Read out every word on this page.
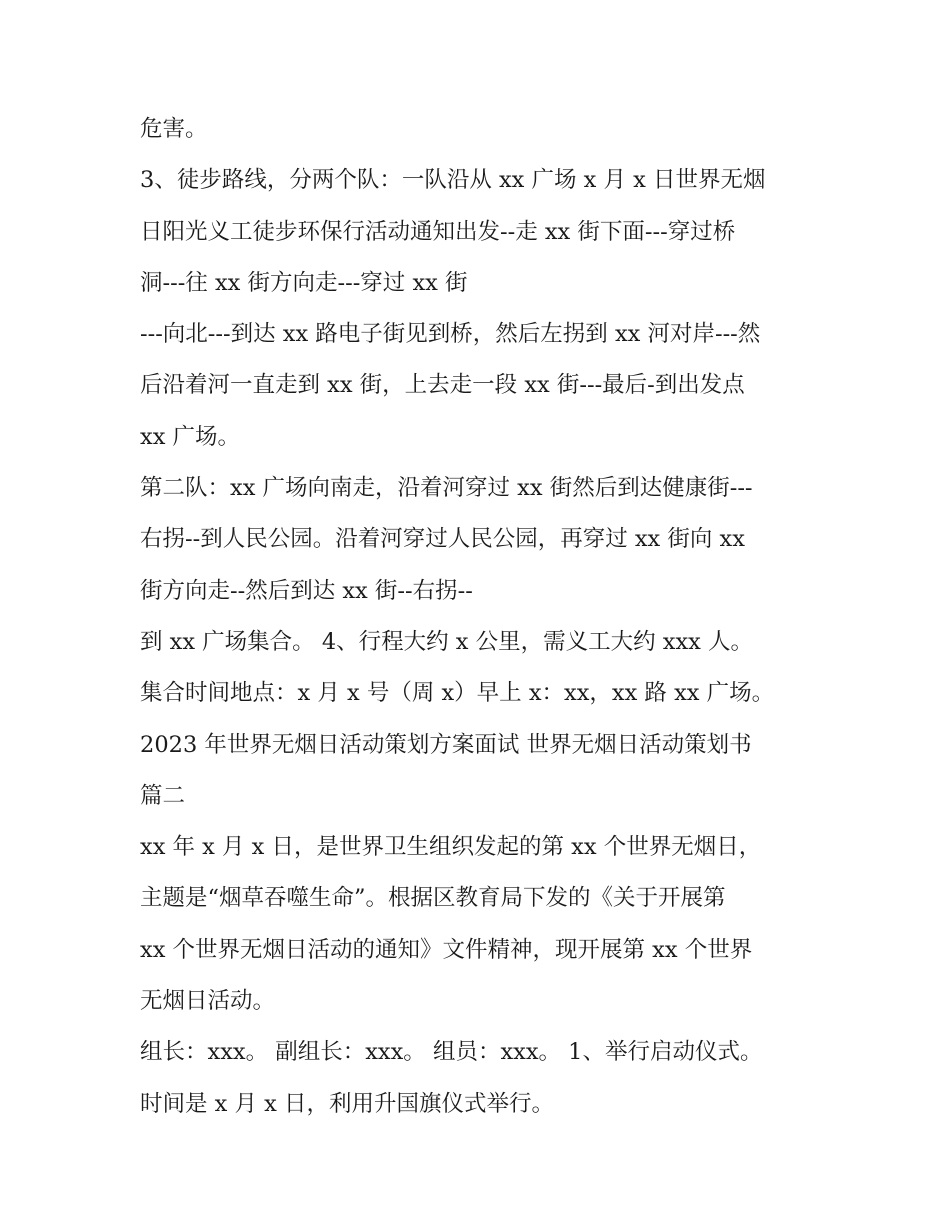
危害。
3、徒步路线，分两个队：一队沿从 xx 广场 x 月 x 日世界无烟
日阳光义工徒步环保行活动通知出发--走 xx 街下面---穿过桥
洞---往 xx 街方向走---穿过 xx 街
---向北---到达 xx 路电子街见到桥，然后左拐到 xx 河对岸---然
后沿着河一直走到 xx 街，上去走一段 xx 街---最后-到出发点
xx 广场。
第二队：xx 广场向南走，沿着河穿过 xx 街然后到达健康街---
右拐--到人民公园。沿着河穿过人民公园，再穿过 xx 街向 xx
街方向走--然后到达 xx 街--右拐--
到 xx 广场集合。 4、行程大约 x 公里，需义工大约 xxx 人。
集合时间地点：x 月 x 号（周 x）早上 x：xx，xx 路 xx 广场。
2023 年世界无烟日活动策划方案面试 世界无烟日活动策划书
篇二
xx 年 x 月 x 日，是世界卫生组织发起的第 xx 个世界无烟日，
主题是“烟草吞噬生命”。根据区教育局下发的《关于开展第
xx 个世界无烟日活动的通知》文件精神，现开展第 xx 个世界
无烟日活动。
组长：xxx。 副组长：xxx。 组员：xxx。 1、举行启动仪式。
时间是 x 月 x 日，利用升国旗仪式举行。
